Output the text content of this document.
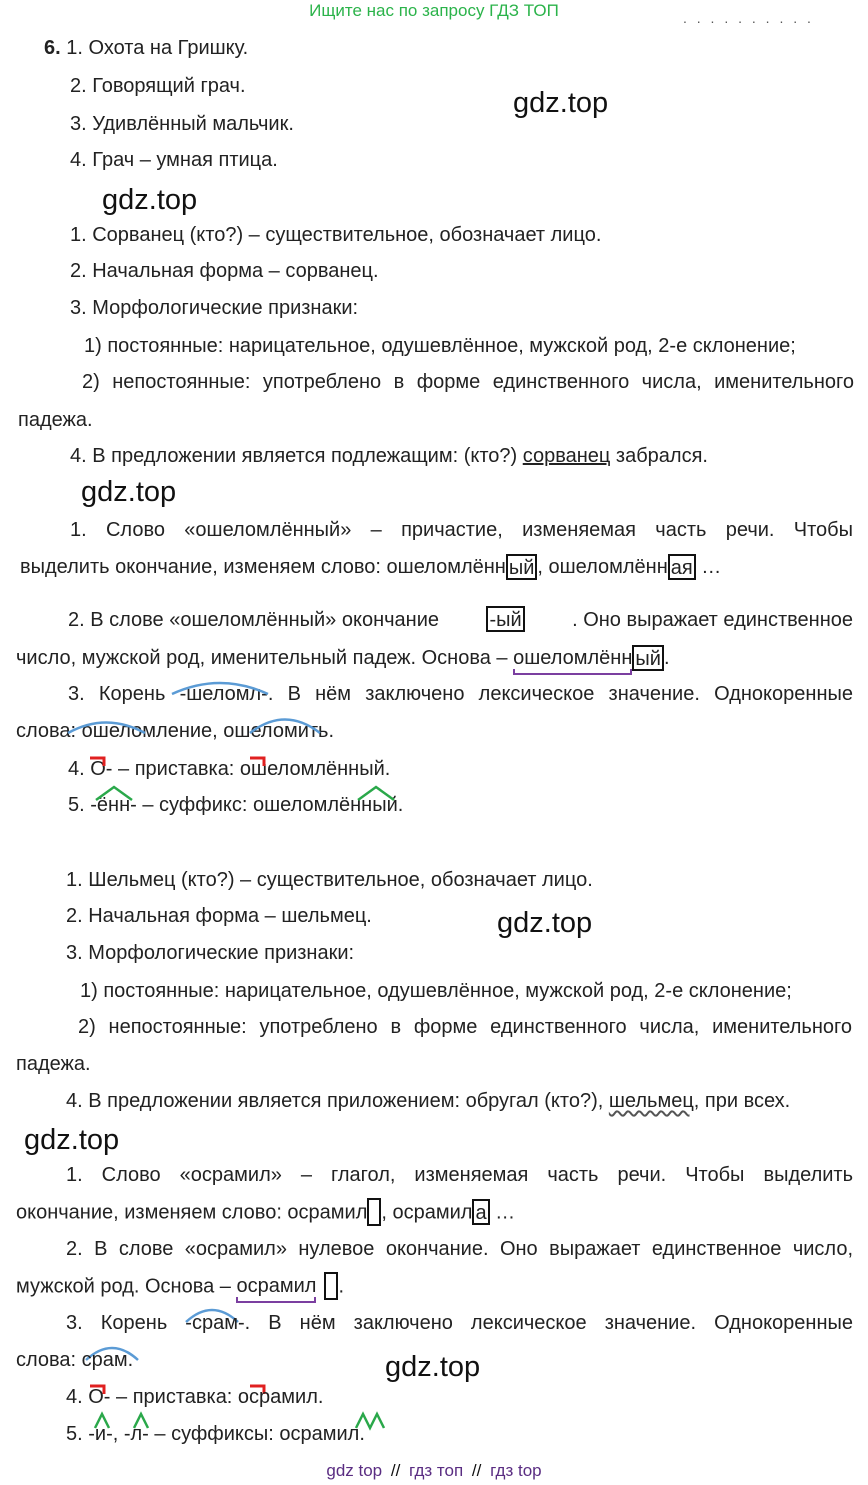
Ищите нас по запросу ГДЗ ТОП	. . . . . . . . . .
gdz.top
gdz.top
gdz.top
gdz.top
gdz.top
gdz.top
6. 1. Охота на Гришку.
2. Говорящий грач.
3. Удивлённый мальчик.
4. Грач – умная птица.
1. Сорванец (кто?) – существительное, обозначает лицо.
2. Начальная форма – сорванец.
3. Морфологические признаки:
1) постоянные: нарицательное, одушевлённое, мужской род, 2-е склонение;
2) непостоянные: употреблено в форме единственного числа, именительного
падежа.
4. В предложении является подлежащим: (кто?) сорванец забрался.
1. Слово «ошеломлённый» – причастие, изменяемая часть речи. Чтобы
выделить окончание, изменяем слово: ошеломлённ ый , ошеломлённ ая …
2. В слове «ошеломлённый» окончание	-ый	. Оно выражает единственное
число, мужской род, именительный падеж. Основа – ошеломлённ ый .
3. Корень -шеломл-. В нём заключено лексическое значение. Однокоренные
слова: ошеломление, ошеломить.
4. О- – приставка: ошеломлённый.
5. -ённ- – суффикс: ошеломлённый.
1. Шельмец (кто?) – существительное, обозначает лицо.
2. Начальная форма – шельмец.
3. Морфологические признаки:
1) постоянные: нарицательное, одушевлённое, мужской род, 2-е склонение;
2) непостоянные: употреблено в форме единственного числа, именительного
падежа.
4. В предложении является приложением: обругал (кто?), шельмец, при всех.
1. Слово «осрамил» – глагол, изменяемая часть речи. Чтобы выделить
окончание, изменяем слово: осрамил , осрамил а …
2. В слове «осрамил» нулевое окончание. Оно выражает единственное число,
мужской род. Основа – осрамил .
3. Корень -срам-. В нём заключено лексическое значение. Однокоренные
слова: срам.
4. О- – приставка: осрамил.
5. -и-, -л- – суффиксы: осрамил.
gdz top // гдз топ // гдз top
